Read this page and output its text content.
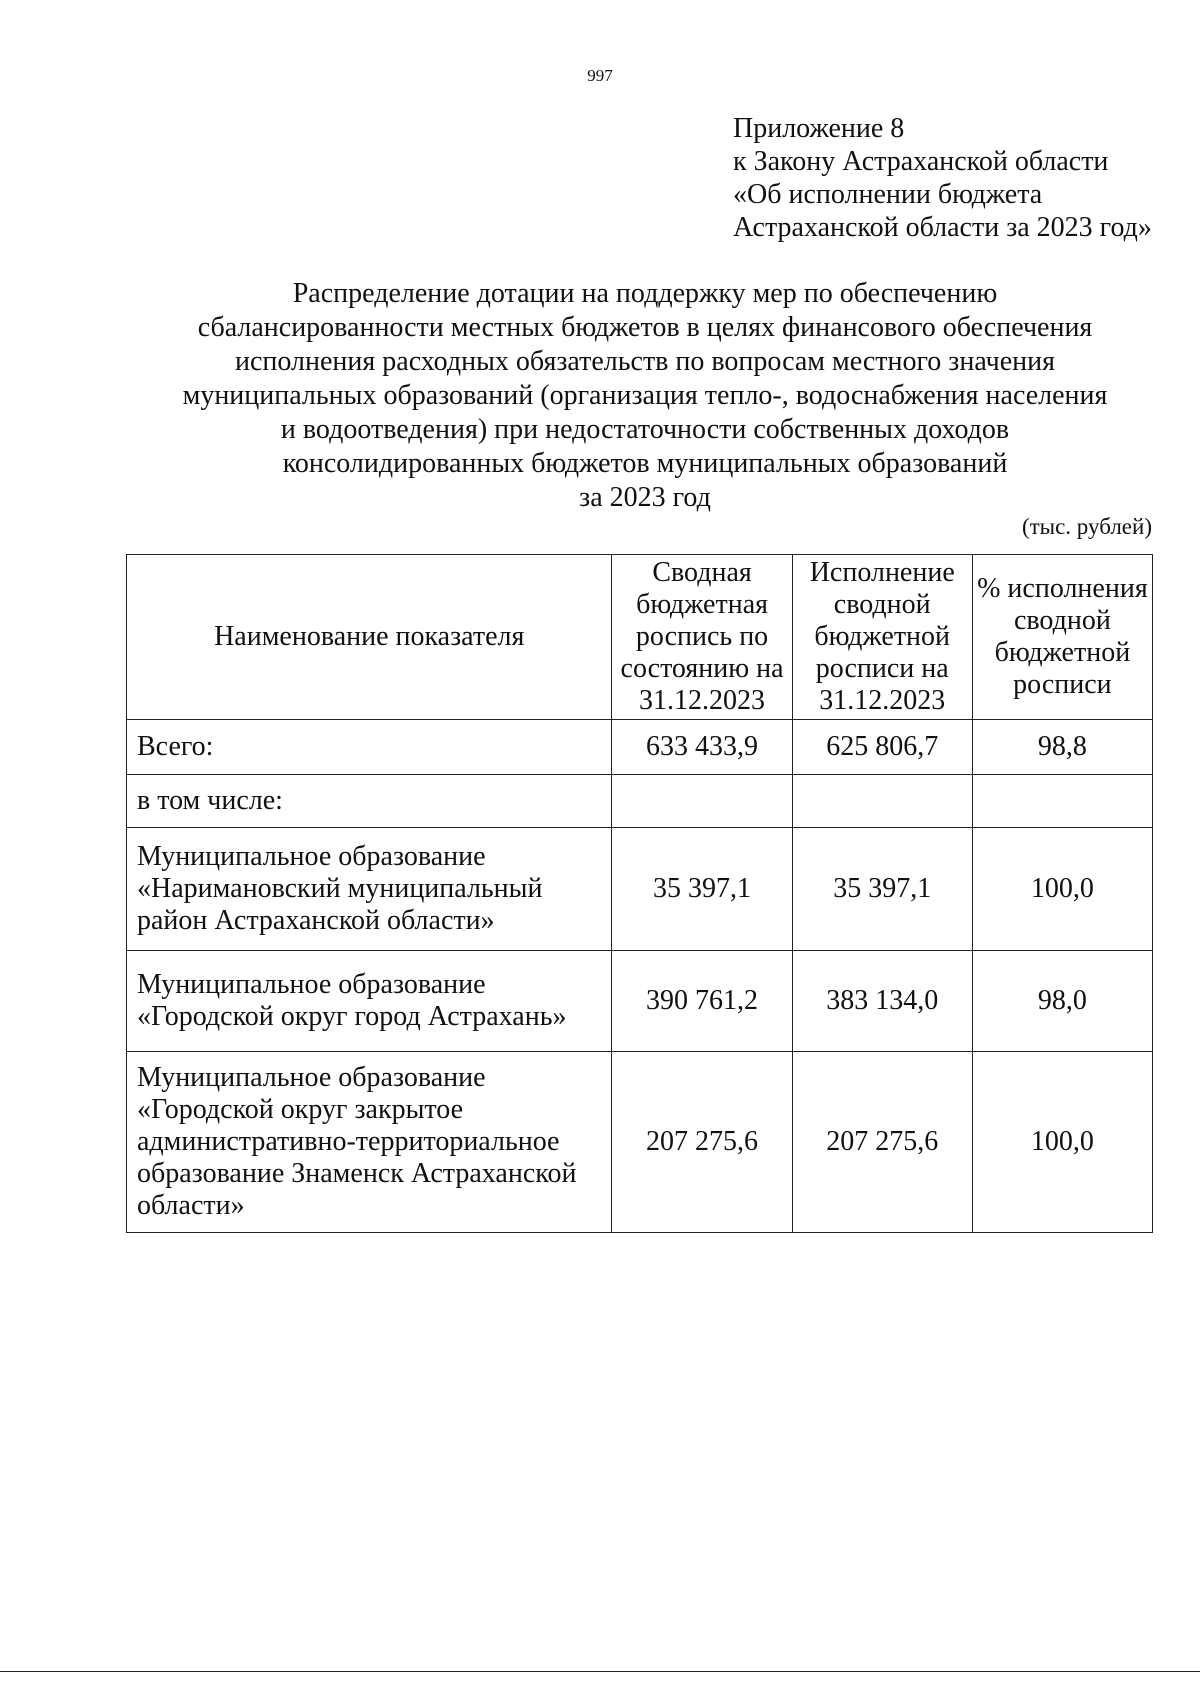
997
Приложение 8
к Закону Астраханской области
«Об исполнении бюджета
Астраханской области за 2023 год»
Распределение дотации на поддержку мер по обеспечению
сбалансированности местных бюджетов в целях финансового обеспечения
исполнения расходных обязательств по вопросам местного значения
муниципальных образований (организация тепло-, водоснабжения населения
и водоотведения) при недостаточности собственных доходов
консолидированных бюджетов муниципальных образований
за 2023 год
(тыс. рублей)
Наименование показателя	Сводная бюджетная роспись по состоянию на 31.12.2023	Исполнение сводной бюджетной росписи на 31.12.2023	% исполнения сводной бюджетной росписи
Всего:	633 433,9	625 806,7	98,8
в том числе:			
Муниципальное образование «Наримановский муниципальный район Астраханской области»	35 397,1	35 397,1	100,0
Муниципальное образование «Городской округ город Астрахань»	390 761,2	383 134,0	98,0
Муниципальное образование «Городской округ закрытое административно-территориальное образование Знаменск Астраханской области»	207 275,6	207 275,6	100,0
